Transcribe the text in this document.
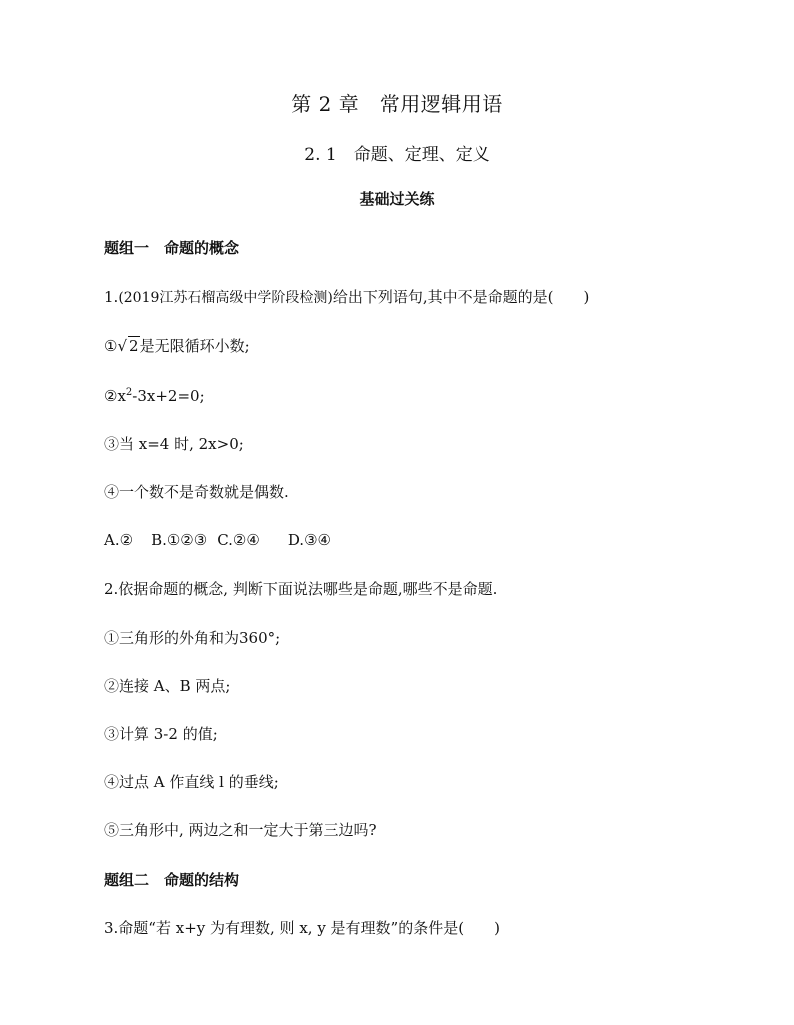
第 2 章　常用逻辑用语
2. 1　命题、定理、定义
基础过关练
题组一　命题的概念
1.(2019江苏石榴高级中学阶段检测)给出下列语句,其中不是命题的是(　　)
①√ 2是无限循环小数;
$②x^2-3x+2=0$;
③当 x=4 时, 2x>0;
④一个数不是奇数就是偶数.
A.② B.①②③ C.②④ D.③④
2.依据命题的概念, 判断下面说法哪些是命题,哪些不是命题.
①三角形的外角和为360°;
②连接 A、B 两点;
③计算 3-2 的值;
④过点 A 作直线 l 的垂线;
⑤三角形中, 两边之和一定大于第三边吗?
题组二　命题的结构
3.命题“若 x+y 为有理数, 则 x, y 是有理数”的条件是(　　)
